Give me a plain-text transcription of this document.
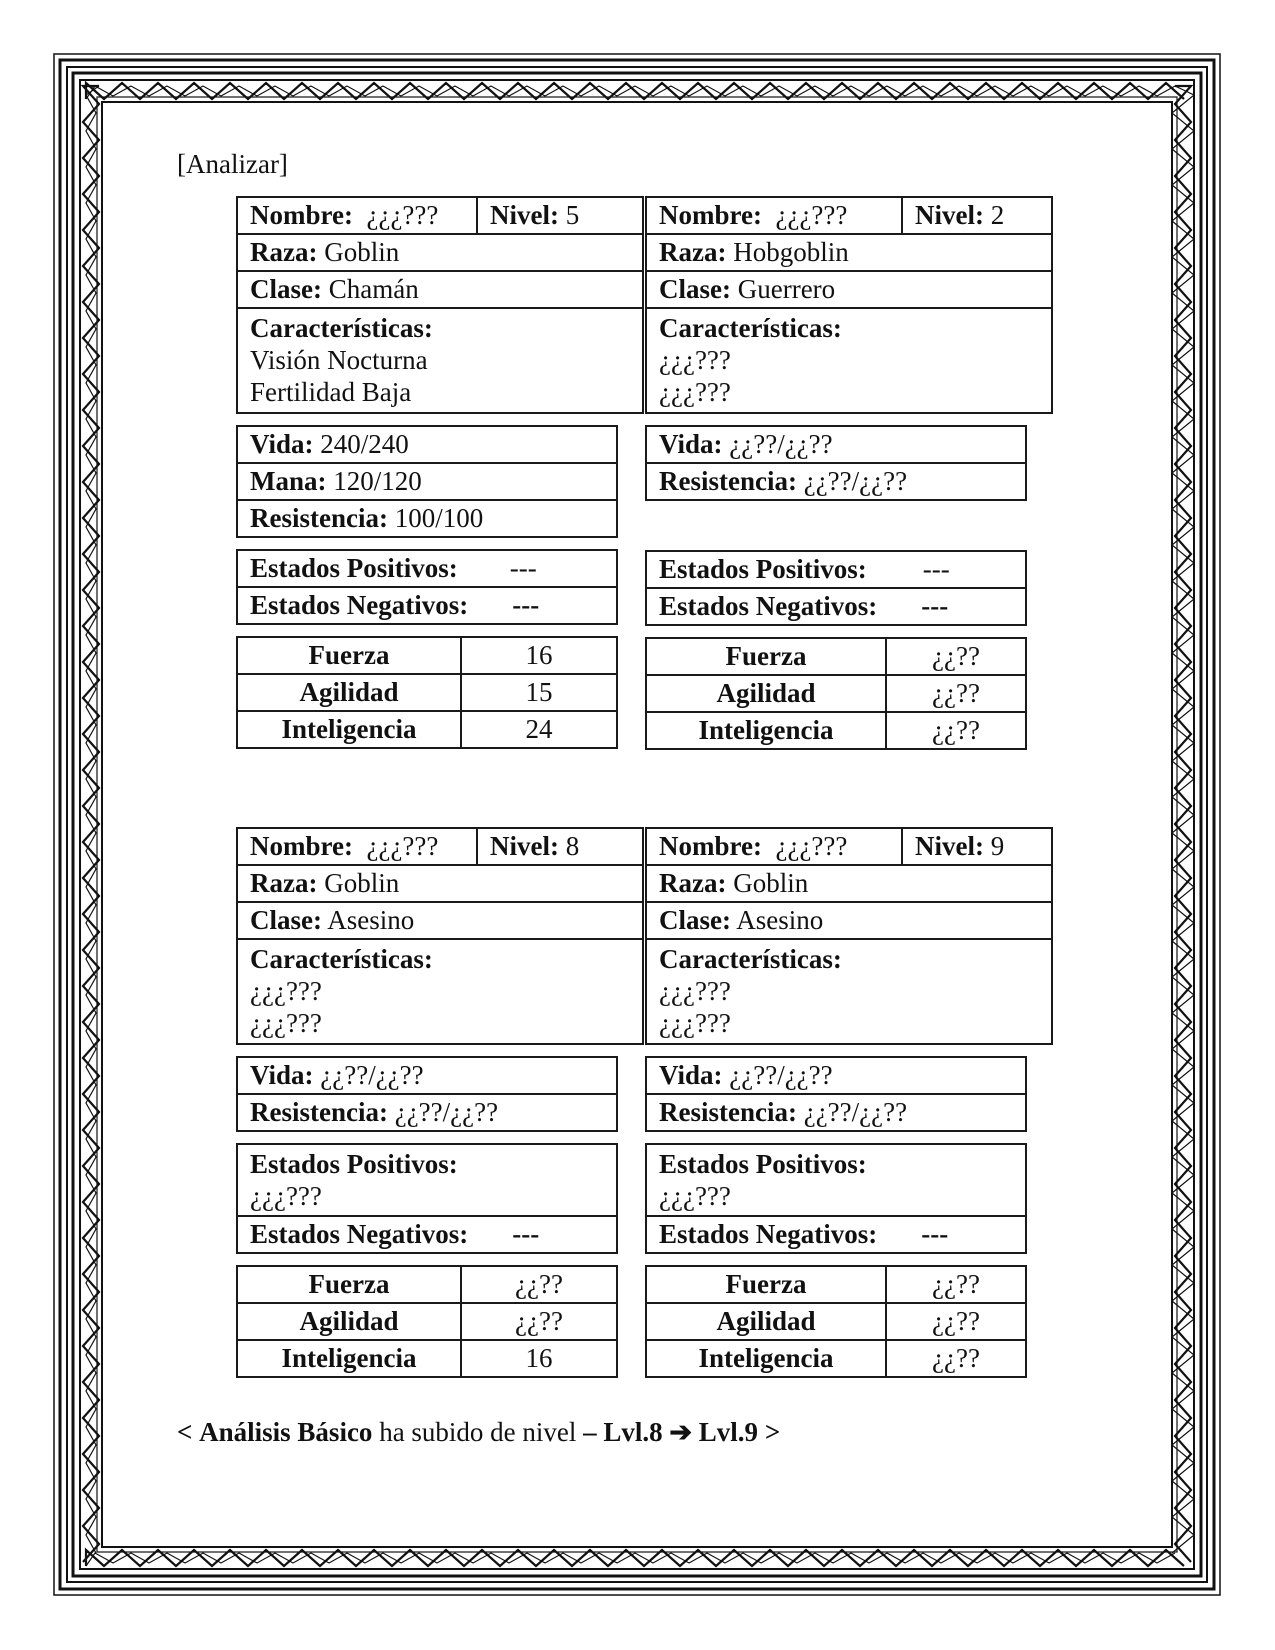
[Analizar]
Nombre: ¿¿¿???	Nivel: 5
Raza: Goblin
Clase: Chamán
Características:
Visión Nocturna
Fertilidad Baja
Vida: 240/240
Mana: 120/120
Resistencia: 100/100
Estados Positivos: ---
Estados Negativos: ---
Fuerza	16
Agilidad	15
Inteligencia	24
Nombre: ¿¿¿???	Nivel: 2
Raza: Hobgoblin
Clase: Guerrero
Características:
¿¿¿???
¿¿¿???
Vida: ¿¿??/¿¿??
Resistencia: ¿¿??/¿¿??
Estados Positivos: ---
Estados Negativos: ---
Fuerza	¿¿??
Agilidad	¿¿??
Inteligencia	¿¿??
Nombre: ¿¿¿???	Nivel: 8
Raza: Goblin
Clase: Asesino
Características:
¿¿¿???
¿¿¿???
Vida: ¿¿??/¿¿??
Resistencia: ¿¿??/¿¿??
Estados Positivos:
¿¿¿???
Estados Negativos: ---
Fuerza	¿¿??
Agilidad	¿¿??
Inteligencia	16
Nombre: ¿¿¿???	Nivel: 9
Raza: Goblin
Clase: Asesino
Características:
¿¿¿???
¿¿¿???
Vida: ¿¿??/¿¿??
Resistencia: ¿¿??/¿¿??
Estados Positivos:
¿¿¿???
Estados Negativos: ---
Fuerza	¿¿??
Agilidad	¿¿??
Inteligencia	¿¿??
< Análisis Básico ha subido de nivel – Lvl.8 ➔ Lvl.9 >
